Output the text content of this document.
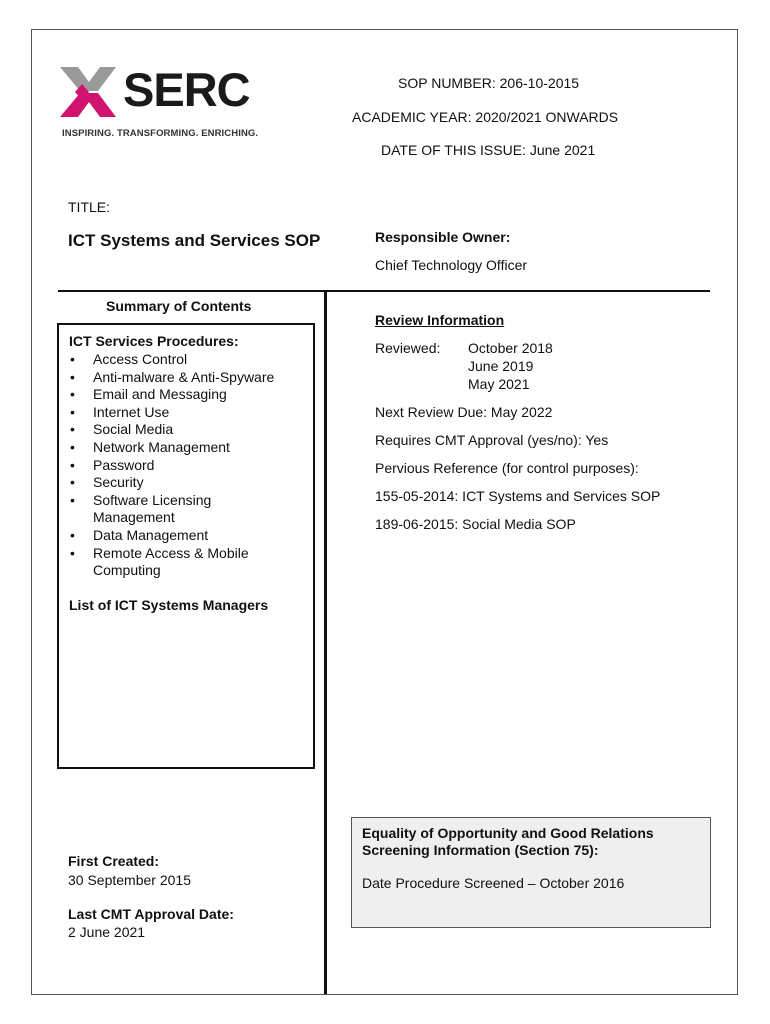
SERC
INSPIRING. TRANSFORMING. ENRICHING.
SOP NUMBER: 206-10-2015
ACADEMIC YEAR: 2020/2021 ONWARDS
DATE OF THIS ISSUE: June 2021
TITLE:
ICT Systems and Services SOP	Responsible Owner:
Chief Technology Officer
Summary of Contents
ICT Services Procedures:
• Access Control
• Anti-malware & Anti-Spyware
• Email and Messaging
• Internet Use
• Social Media
• Network Management
• Password
• Security
• Software Licensing Management
• Data Management
• Remote Access & Mobile Computing
List of ICT Systems Managers
Review Information
Reviewed: October 2018
June 2019
May 2021
Next Review Due: May 2022
Requires CMT Approval (yes/no): Yes
Pervious Reference (for control purposes):
155-05-2014: ICT Systems and Services SOP
189-06-2015: Social Media SOP
First Created:
30 September 2015
Last CMT Approval Date:
2 June 2021
Equality of Opportunity and Good Relations Screening Information (Section 75):
Date Procedure Screened – October 2016
